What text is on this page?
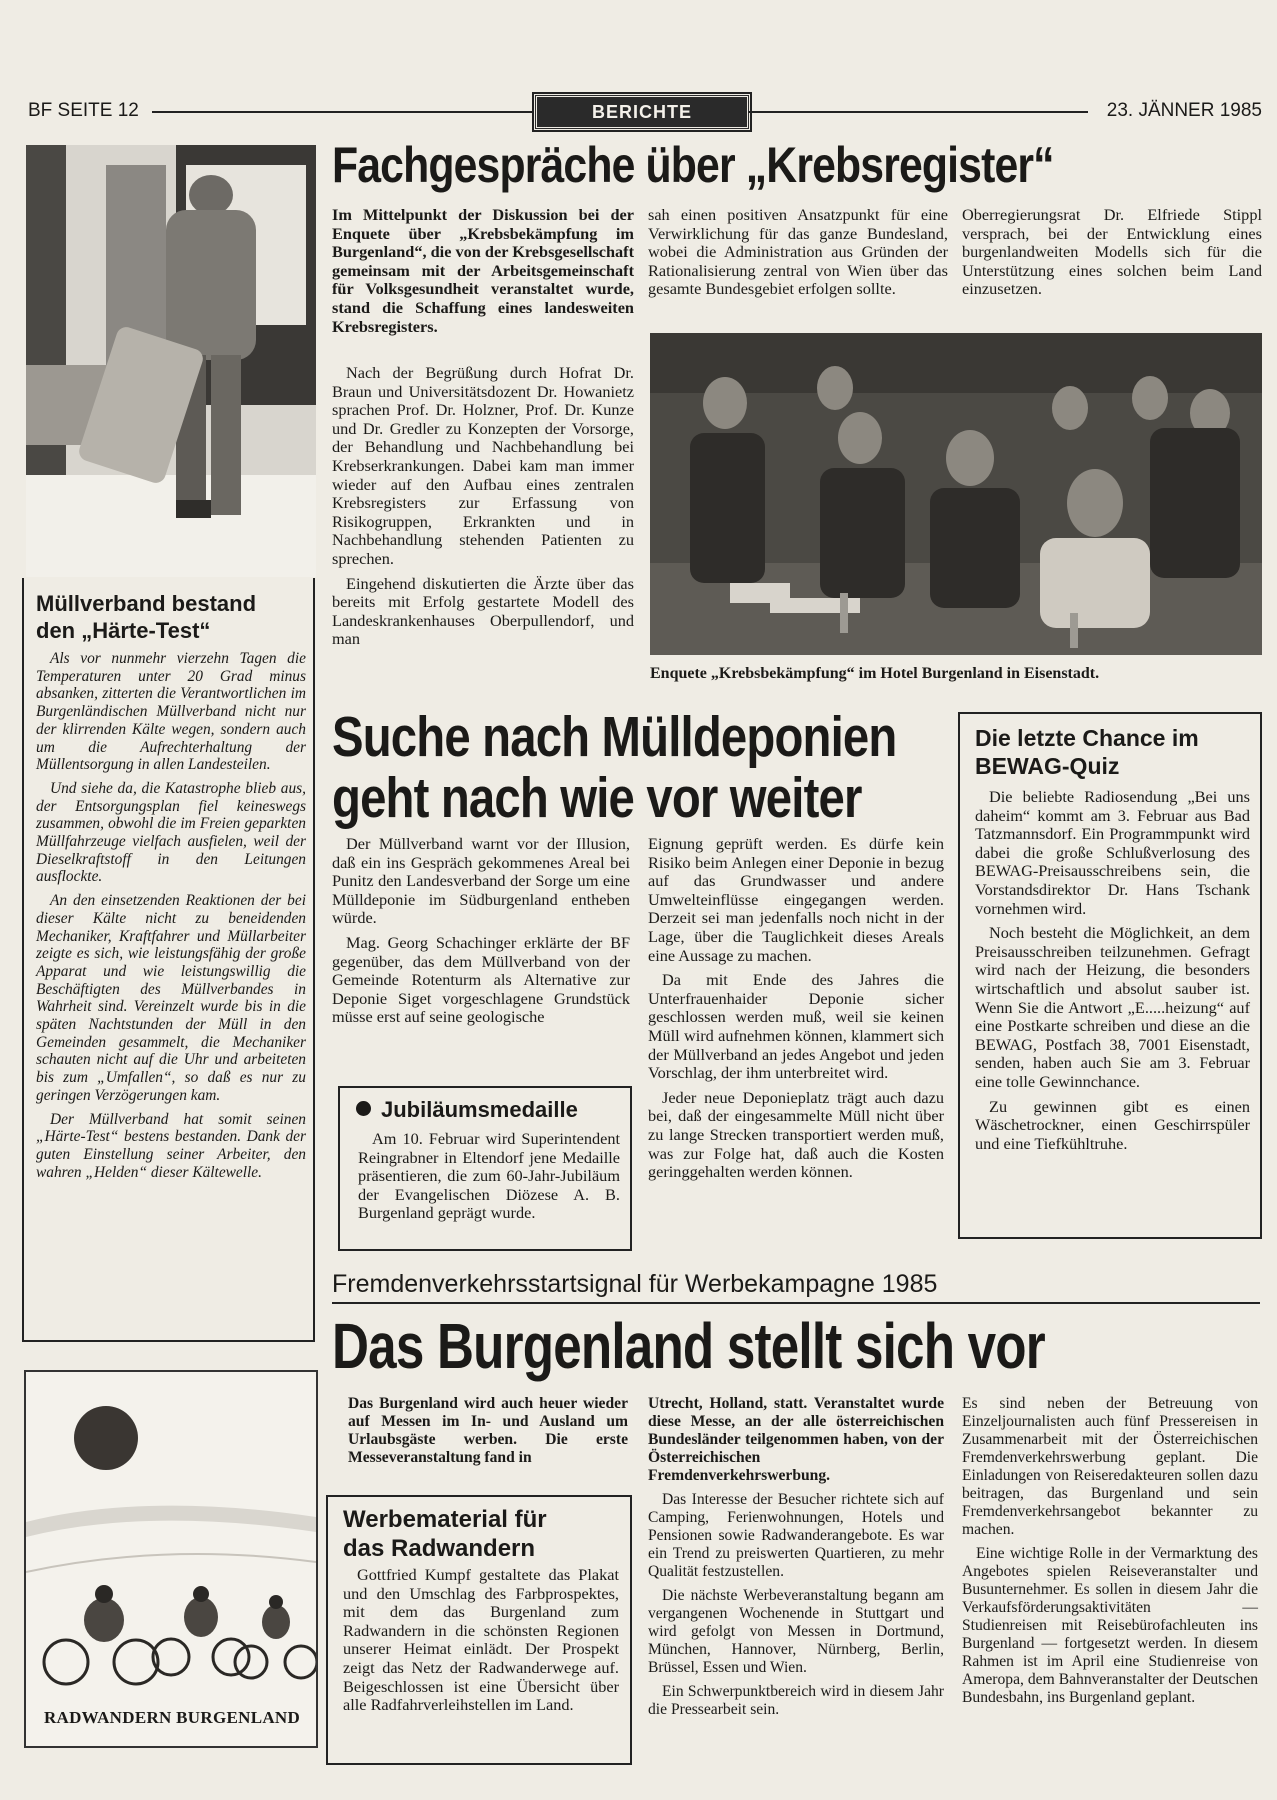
BF SEITE 12	BERICHTE	23. JÄNNER 1985
Müllverband bestand den „Härte-Test“

Als vor nunmehr vierzehn Tagen die Temperaturen unter 20 Grad minus absanken, zitterten die Verantwortlichen im Burgenländischen Müllverband nicht nur der klirrenden Kälte wegen, sondern auch um die Aufrechterhaltung der Müllentsorgung in allen Landesteilen.

Und siehe da, die Katastrophe blieb aus, der Entsorgungsplan fiel keineswegs zusammen, obwohl die im Freien geparkten Müllfahrzeuge vielfach ausfielen, weil der Dieselkraftstoff in den Leitungen ausflockte.

An den einsetzenden Reaktionen der bei dieser Kälte nicht zu beneidenden Mechaniker, Kraftfahrer und Müllarbeiter zeigte es sich, wie leistungsfähig der große Apparat und wie leistungswillig die Beschäftigten des Müllverbandes in Wahrheit sind. Vereinzelt wurde bis in die späten Nachtstunden der Müll in den Gemeinden gesammelt, die Mechaniker schauten nicht auf die Uhr und arbeiteten bis zum „Umfallen“, so daß es nur zu geringen Verzögerungen kam.

Der Müllverband hat somit seinen „Härte-Test“ bestens bestanden. Dank der guten Einstellung seiner Arbeiter, den wahren „Helden“ dieser Kältewelle.

RADWANDERN BURGENLAND
Fachgespräche über „Krebsregister“
Im Mittelpunkt der Diskussion bei der Enquete über „Krebsbekämpfung im Burgenland“, die von der Krebsgesellschaft gemeinsam mit der Arbeitsgemeinschaft für Volksgesundheit veranstaltet wurde, stand die Schaffung eines landesweiten Krebsregisters.

Nach der Begrüßung durch Hofrat Dr. Braun und Universitätsdozent Dr. Howanietz sprachen Prof. Dr. Holzner, Prof. Dr. Kunze und Dr. Gredler zu Konzepten der Vorsorge, der Behandlung und Nachbehandlung bei Krebserkrankungen. Dabei kam man immer wieder auf den Aufbau eines zentralen Krebsregisters zur Erfassung von Risikogruppen, Erkrankten und in Nachbehandlung stehenden Patienten zu sprechen.

Eingehend diskutierten die Ärzte über das bereits mit Erfolg gestartete Modell des Landeskrankenhauses Oberpullendorf, und man

sah einen positiven Ansatzpunkt für eine Verwirklichung für das ganze Bundesland, wobei die Administration aus Gründen der Rationalisierung zentral von Wien über das gesamte Bundesgebiet erfolgen sollte.
Oberregierungsrat Dr. Elfriede Stippl versprach, bei der Entwicklung eines burgenlandweiten Modells sich für die Unterstützung eines solchen beim Land einzusetzen.
Enquete „Krebsbekämpfung“ im Hotel Burgenland in Eisenstadt.
Suche nach Mülldeponien
geht nach wie vor weiter

Der Müllverband warnt vor der Illusion, daß ein ins Gespräch gekommenes Areal bei Punitz den Landesverband der Sorge um eine Mülldeponie im Südburgenland entheben würde.

Mag. Georg Schachinger erklärte der BF gegenüber, das dem Müllverband von der Gemeinde Rotenturm als Alternative zur Deponie Siget vorgeschlagene Grundstück müsse erst auf seine geologische

Eignung geprüft werden. Es dürfe kein Risiko beim Anlegen einer Deponie in bezug auf das Grundwasser und andere Umwelteinflüsse eingegangen werden. Derzeit sei man jedenfalls noch nicht in der Lage, über die Tauglichkeit dieses Areals eine Aussage zu machen.

Da mit Ende des Jahres die Unterfrauenhaider Deponie sicher geschlossen werden muß, weil sie keinen Müll wird aufnehmen können, klammert sich der Müllverband an jedes Angebot und jeden Vorschlag, der ihm unterbreitet wird.

Jeder neue Deponieplatz trägt auch dazu bei, daß der eingesammelte Müll nicht über zu lange Strecken transportiert werden muß, was zur Folge hat, daß auch die Kosten geringgehalten werden können.

Jubiläumsmedaille
Am 10. Februar wird Superintendent Reingrabner in Eltendorf jene Medaille präsentieren, die zum 60-Jahr-Jubiläum der Evangelischen Diözese A. B. Burgenland geprägt wurde.
Die letzte Chance im BEWAG-Quiz

Die beliebte Radiosendung „Bei uns daheim“ kommt am 3. Februar aus Bad Tatzmannsdorf. Ein Programmpunkt wird dabei die große Schlußverlosung des BEWAG-Preisausschreibens sein, die Vorstandsdirektor Dr. Hans Tschank vornehmen wird.

Noch besteht die Möglichkeit, an dem Preisausschreiben teilzunehmen. Gefragt wird nach der Heizung, die besonders wirtschaftlich und absolut sauber ist. Wenn Sie die Antwort „E.....heizung“ auf eine Postkarte schreiben und diese an die BEWAG, Postfach 38, 7001 Eisenstadt, senden, haben auch Sie am 3. Februar eine tolle Gewinnchance.

Zu gewinnen gibt es einen Wäschetrockner, einen Geschirrspüler und eine Tiefkühltruhe.

Fremdenverkehrsstartsignal für Werbekampagne 1985
Das Burgenland stellt sich vor
Das Burgenland wird auch heuer wieder auf Messen im In- und Ausland um Urlaubsgäste werben. Die erste Messeveranstaltung fand in

Utrecht, Holland, statt. Veranstaltet wurde diese Messe, an der alle österreichischen Bundesländer teilgenommen haben, von der Österreichischen Fremdenverkehrswerbung.

Das Interesse der Besucher richtete sich auf Camping, Ferienwohnungen, Hotels und Pensionen sowie Radwanderangebote. Es war ein Trend zu preiswerten Quartieren, zu mehr Qualität festzustellen.

Die nächste Werbeveranstaltung begann am vergangenen Wochenende in Stuttgart und wird gefolgt von Messen in Dortmund, München, Hannover, Nürnberg, Berlin, Brüssel, Essen und Wien.

Ein Schwerpunktbereich wird in diesem Jahr die Pressearbeit sein.

Es sind neben der Betreuung von Einzeljournalisten auch fünf Pressereisen in Zusammenarbeit mit der Österreichischen Fremdenverkehrswerbung geplant. Die Einladungen von Reiseredakteuren sollen dazu beitragen, das Burgenland und sein Fremdenverkehrsangebot bekannter zu machen.

Eine wichtige Rolle in der Vermarktung des Angebotes spielen Reiseveranstalter und Busunternehmer. Es sollen in diesem Jahr die Verkaufsförderungsaktivitäten — Studienreisen mit Reisebürofachleuten ins Burgenland — fortgesetzt werden. In diesem Rahmen ist im April eine Studienreise von Ameropa, dem Bahnveranstalter der Deutschen Bundesbahn, ins Burgenland geplant.

Werbematerial für das Radwandern
Gottfried Kumpf gestaltete das Plakat und den Umschlag des Farbprospektes, mit dem das Burgenland zum Radwandern in die schönsten Regionen unserer Heimat einlädt. Der Prospekt zeigt das Netz der Radwanderwege auf. Beigeschlossen ist eine Übersicht über alle Radfahrverleihstellen im Land.
